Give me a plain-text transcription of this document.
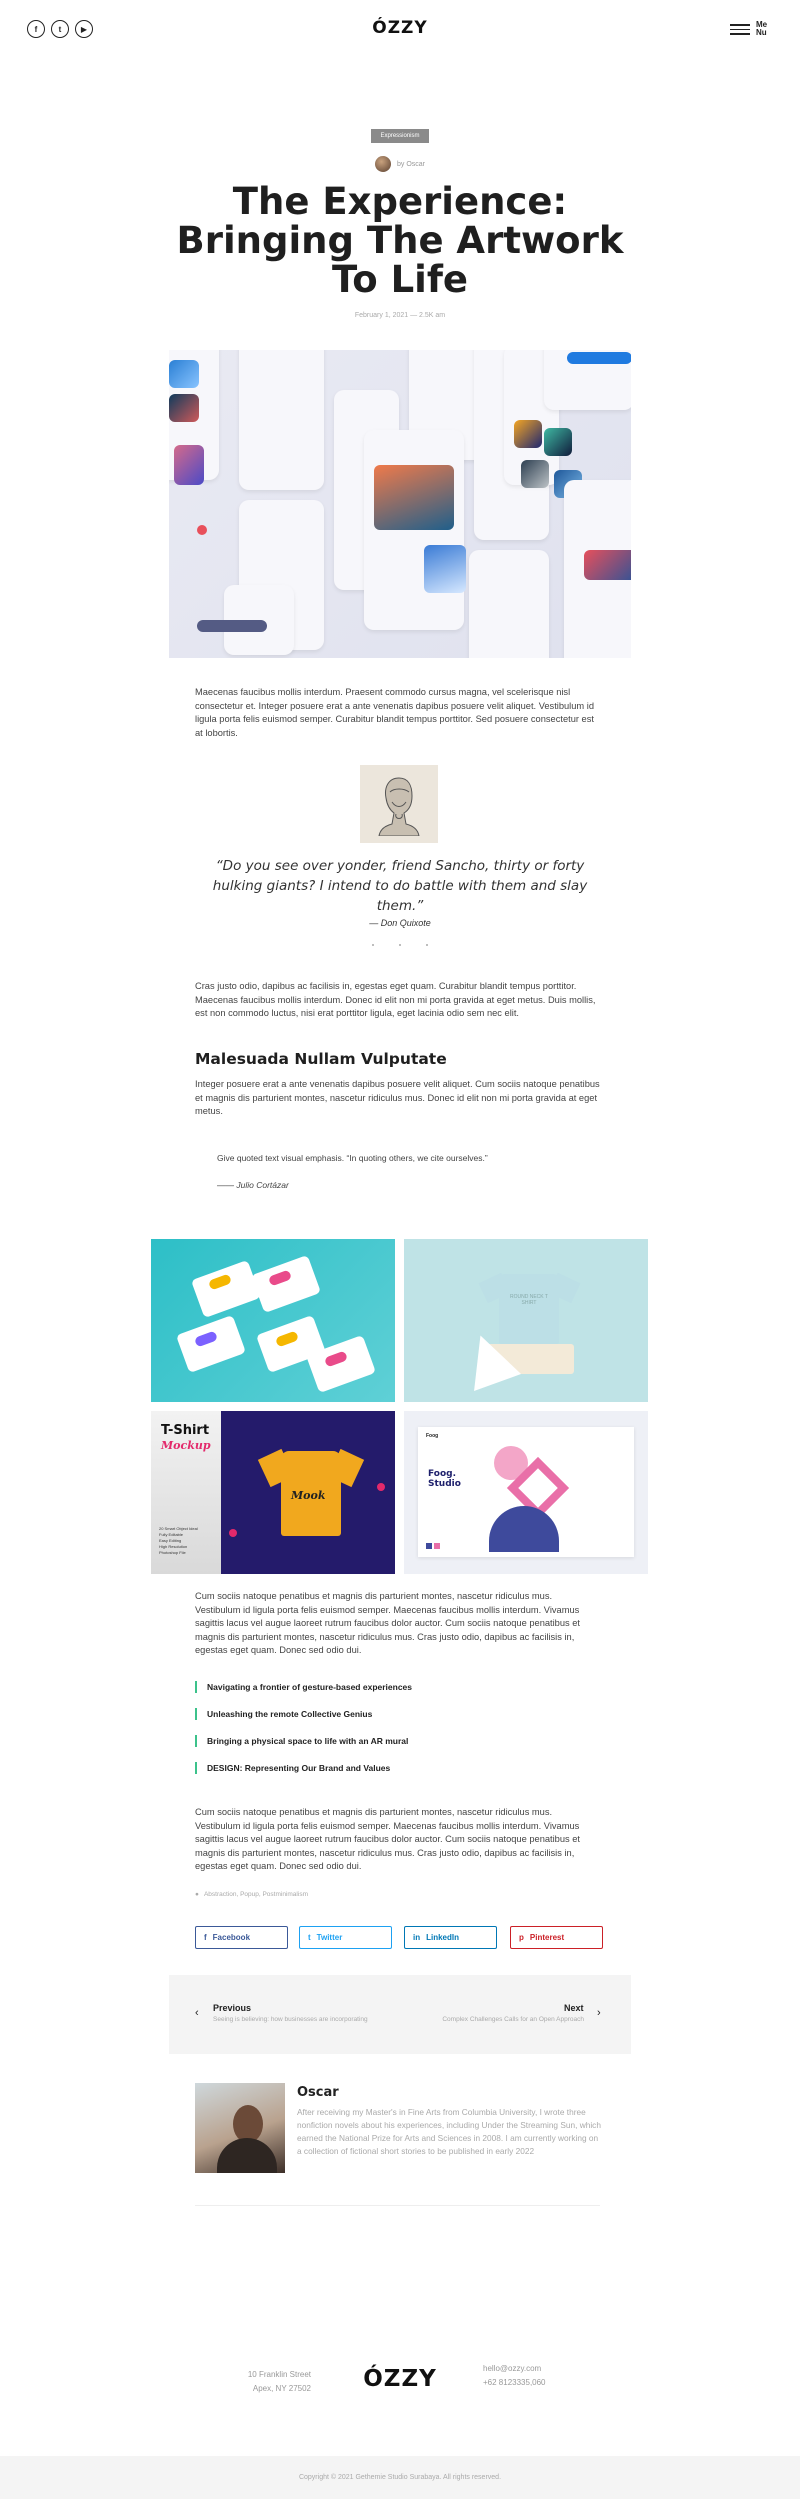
f	t	▶	ÓZZY	Me
Nu
Expressionism
by Oscar
The Experience: Bringing The Artwork To Life
February 1, 2021 — 2.5K am
Maecenas faucibus mollis interdum. Praesent commodo cursus magna, vel scelerisque nisl consectetur et. Integer posuere erat a ante venenatis dapibus posuere velit aliquet. Vestibulum id ligula porta felis euismod semper. Curabitur blandit tempus porttitor. Sed posuere consectetur est at lobortis.
“Do you see over yonder, friend Sancho, thirty or forty hulking giants? I intend to do battle with them and slay them.”
— Don Quixote
Cras justo odio, dapibus ac facilisis in, egestas eget quam. Curabitur blandit tempus porttitor. Maecenas faucibus mollis interdum. Donec id elit non mi porta gravida at eget metus. Duis mollis, est non commodo luctus, nisi erat porttitor ligula, eget lacinia odio sem nec elit.
Malesuada Nullam Vulputate
Integer posuere erat a ante venenatis dapibus posuere velit aliquet. Cum sociis natoque penatibus et magnis dis parturient montes, nascetur ridiculus mus. Donec id elit non mi porta gravida at eget metus.
Give quoted text visual emphasis. “In quoting others, we cite ourselves.”
—— Julio Cortázar
ROUND NECK T SHIRT
T-Shirt
Mockup
20 Smart Object Ideal
Fully Editable
Easy Editing
High Resolution
Photoshop File
Mook
Foog
Foog.
Studio
Cum sociis natoque penatibus et magnis dis parturient montes, nascetur ridiculus mus. Vestibulum id ligula porta felis euismod semper. Maecenas faucibus mollis interdum. Vivamus sagittis lacus vel augue laoreet rutrum faucibus dolor auctor. Cum sociis natoque penatibus et magnis dis parturient montes, nascetur ridiculus mus. Cras justo odio, dapibus ac facilisis in, egestas eget quam. Donec sed odio dui.
Navigating a frontier of gesture-based experiences
Unleashing the remote Collective Genius
Bringing a physical space to life with an AR mural
DESIGN: Representing Our Brand and Values
Cum sociis natoque penatibus et magnis dis parturient montes, nascetur ridiculus mus. Vestibulum id ligula porta felis euismod semper. Maecenas faucibus mollis interdum. Vivamus sagittis lacus vel augue laoreet rutrum faucibus dolor auctor. Cum sociis natoque penatibus et magnis dis parturient montes, nascetur ridiculus mus. Cras justo odio, dapibus ac facilisis in, egestas eget quam. Donec sed odio dui.
● Abstraction, Popup, Postminimalism
f Facebook	t Twitter	in LinkedIn	p Pinterest
‹ Previous
Seeing is believing: how businesses are incorporating
Next
Complex Challenges Calls for an Open Approach
›
Oscar
After receiving my Master's in Fine Arts from Columbia University, I wrote three nonfiction novels about his experiences, including Under the Streaming Sun, which earned the National Prize for Arts and Sciences in 2008. I am currently working on a collection of fictional short stories to be published in early 2022
10 Franklin Street
Apex, NY 27502	ÓZZY	hello@ozzy.com
+62 8123335,060
Copyright © 2021 Gethemie Studio Surabaya. All rights reserved.
